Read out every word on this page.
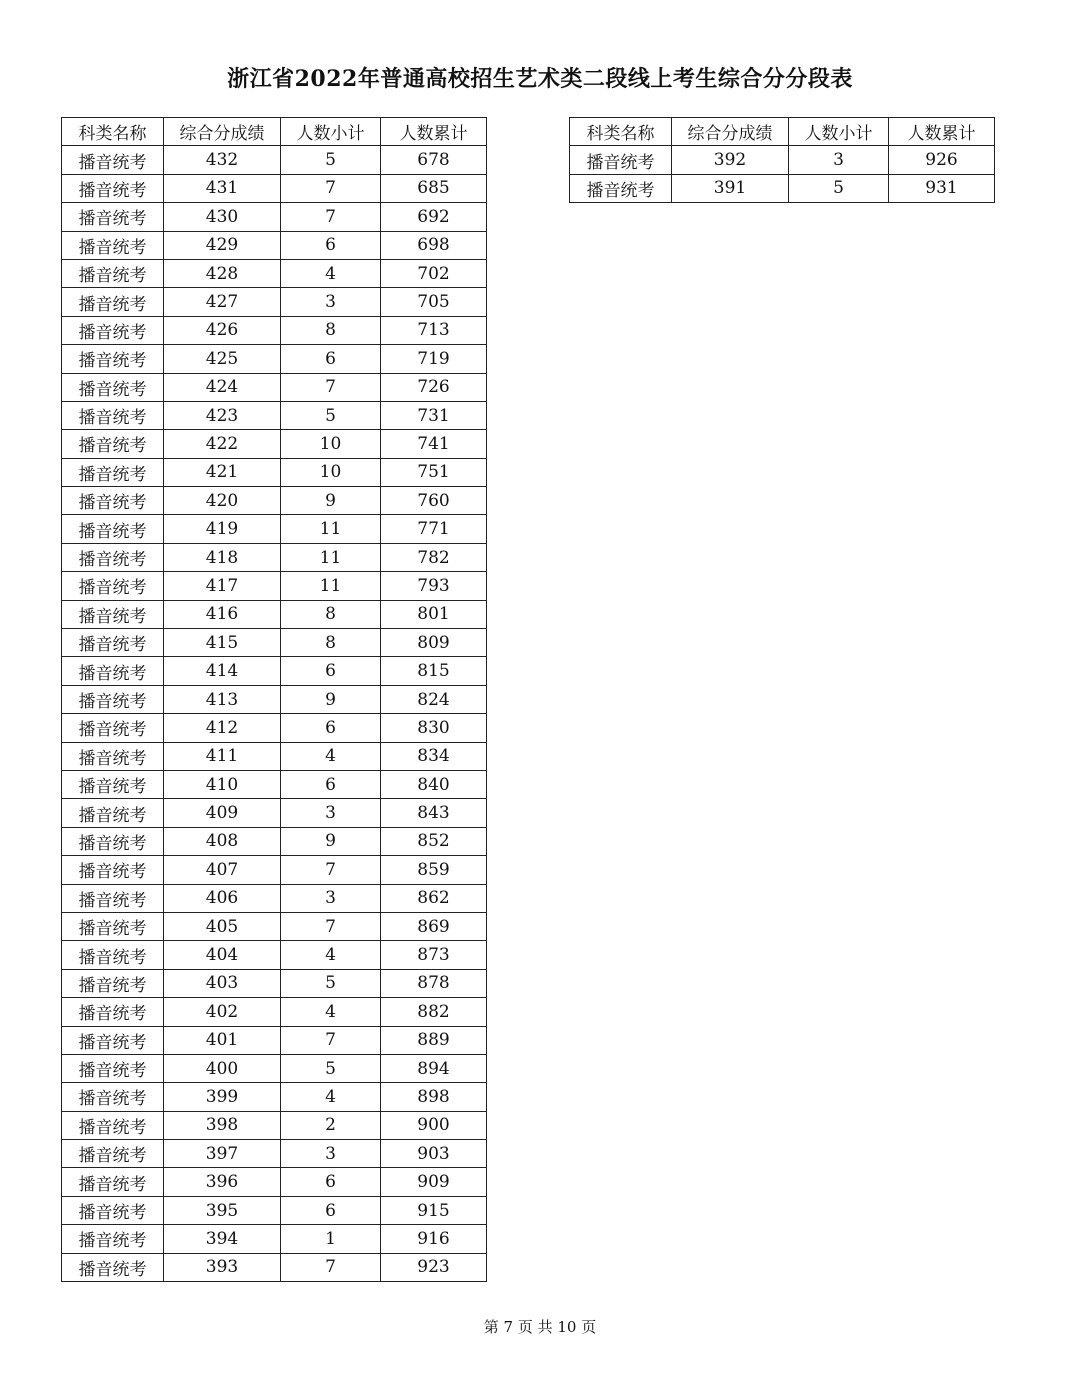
浙江省2022年普通高校招生艺术类二段线上考生综合分分段表
科类名称	综合分成绩	人数小计	人数累计
播音统考	432	5	678
播音统考	431	7	685
播音统考	430	7	692
播音统考	429	6	698
播音统考	428	4	702
播音统考	427	3	705
播音统考	426	8	713
播音统考	425	6	719
播音统考	424	7	726
播音统考	423	5	731
播音统考	422	10	741
播音统考	421	10	751
播音统考	420	9	760
播音统考	419	11	771
播音统考	418	11	782
播音统考	417	11	793
播音统考	416	8	801
播音统考	415	8	809
播音统考	414	6	815
播音统考	413	9	824
播音统考	412	6	830
播音统考	411	4	834
播音统考	410	6	840
播音统考	409	3	843
播音统考	408	9	852
播音统考	407	7	859
播音统考	406	3	862
播音统考	405	7	869
播音统考	404	4	873
播音统考	403	5	878
播音统考	402	4	882
播音统考	401	7	889
播音统考	400	5	894
播音统考	399	4	898
播音统考	398	2	900
播音统考	397	3	903
播音统考	396	6	909
播音统考	395	6	915
播音统考	394	1	916
播音统考	393	7	923
科类名称	综合分成绩	人数小计	人数累计
播音统考	392	3	926
播音统考	391	5	931
第 7 页 共 10 页
